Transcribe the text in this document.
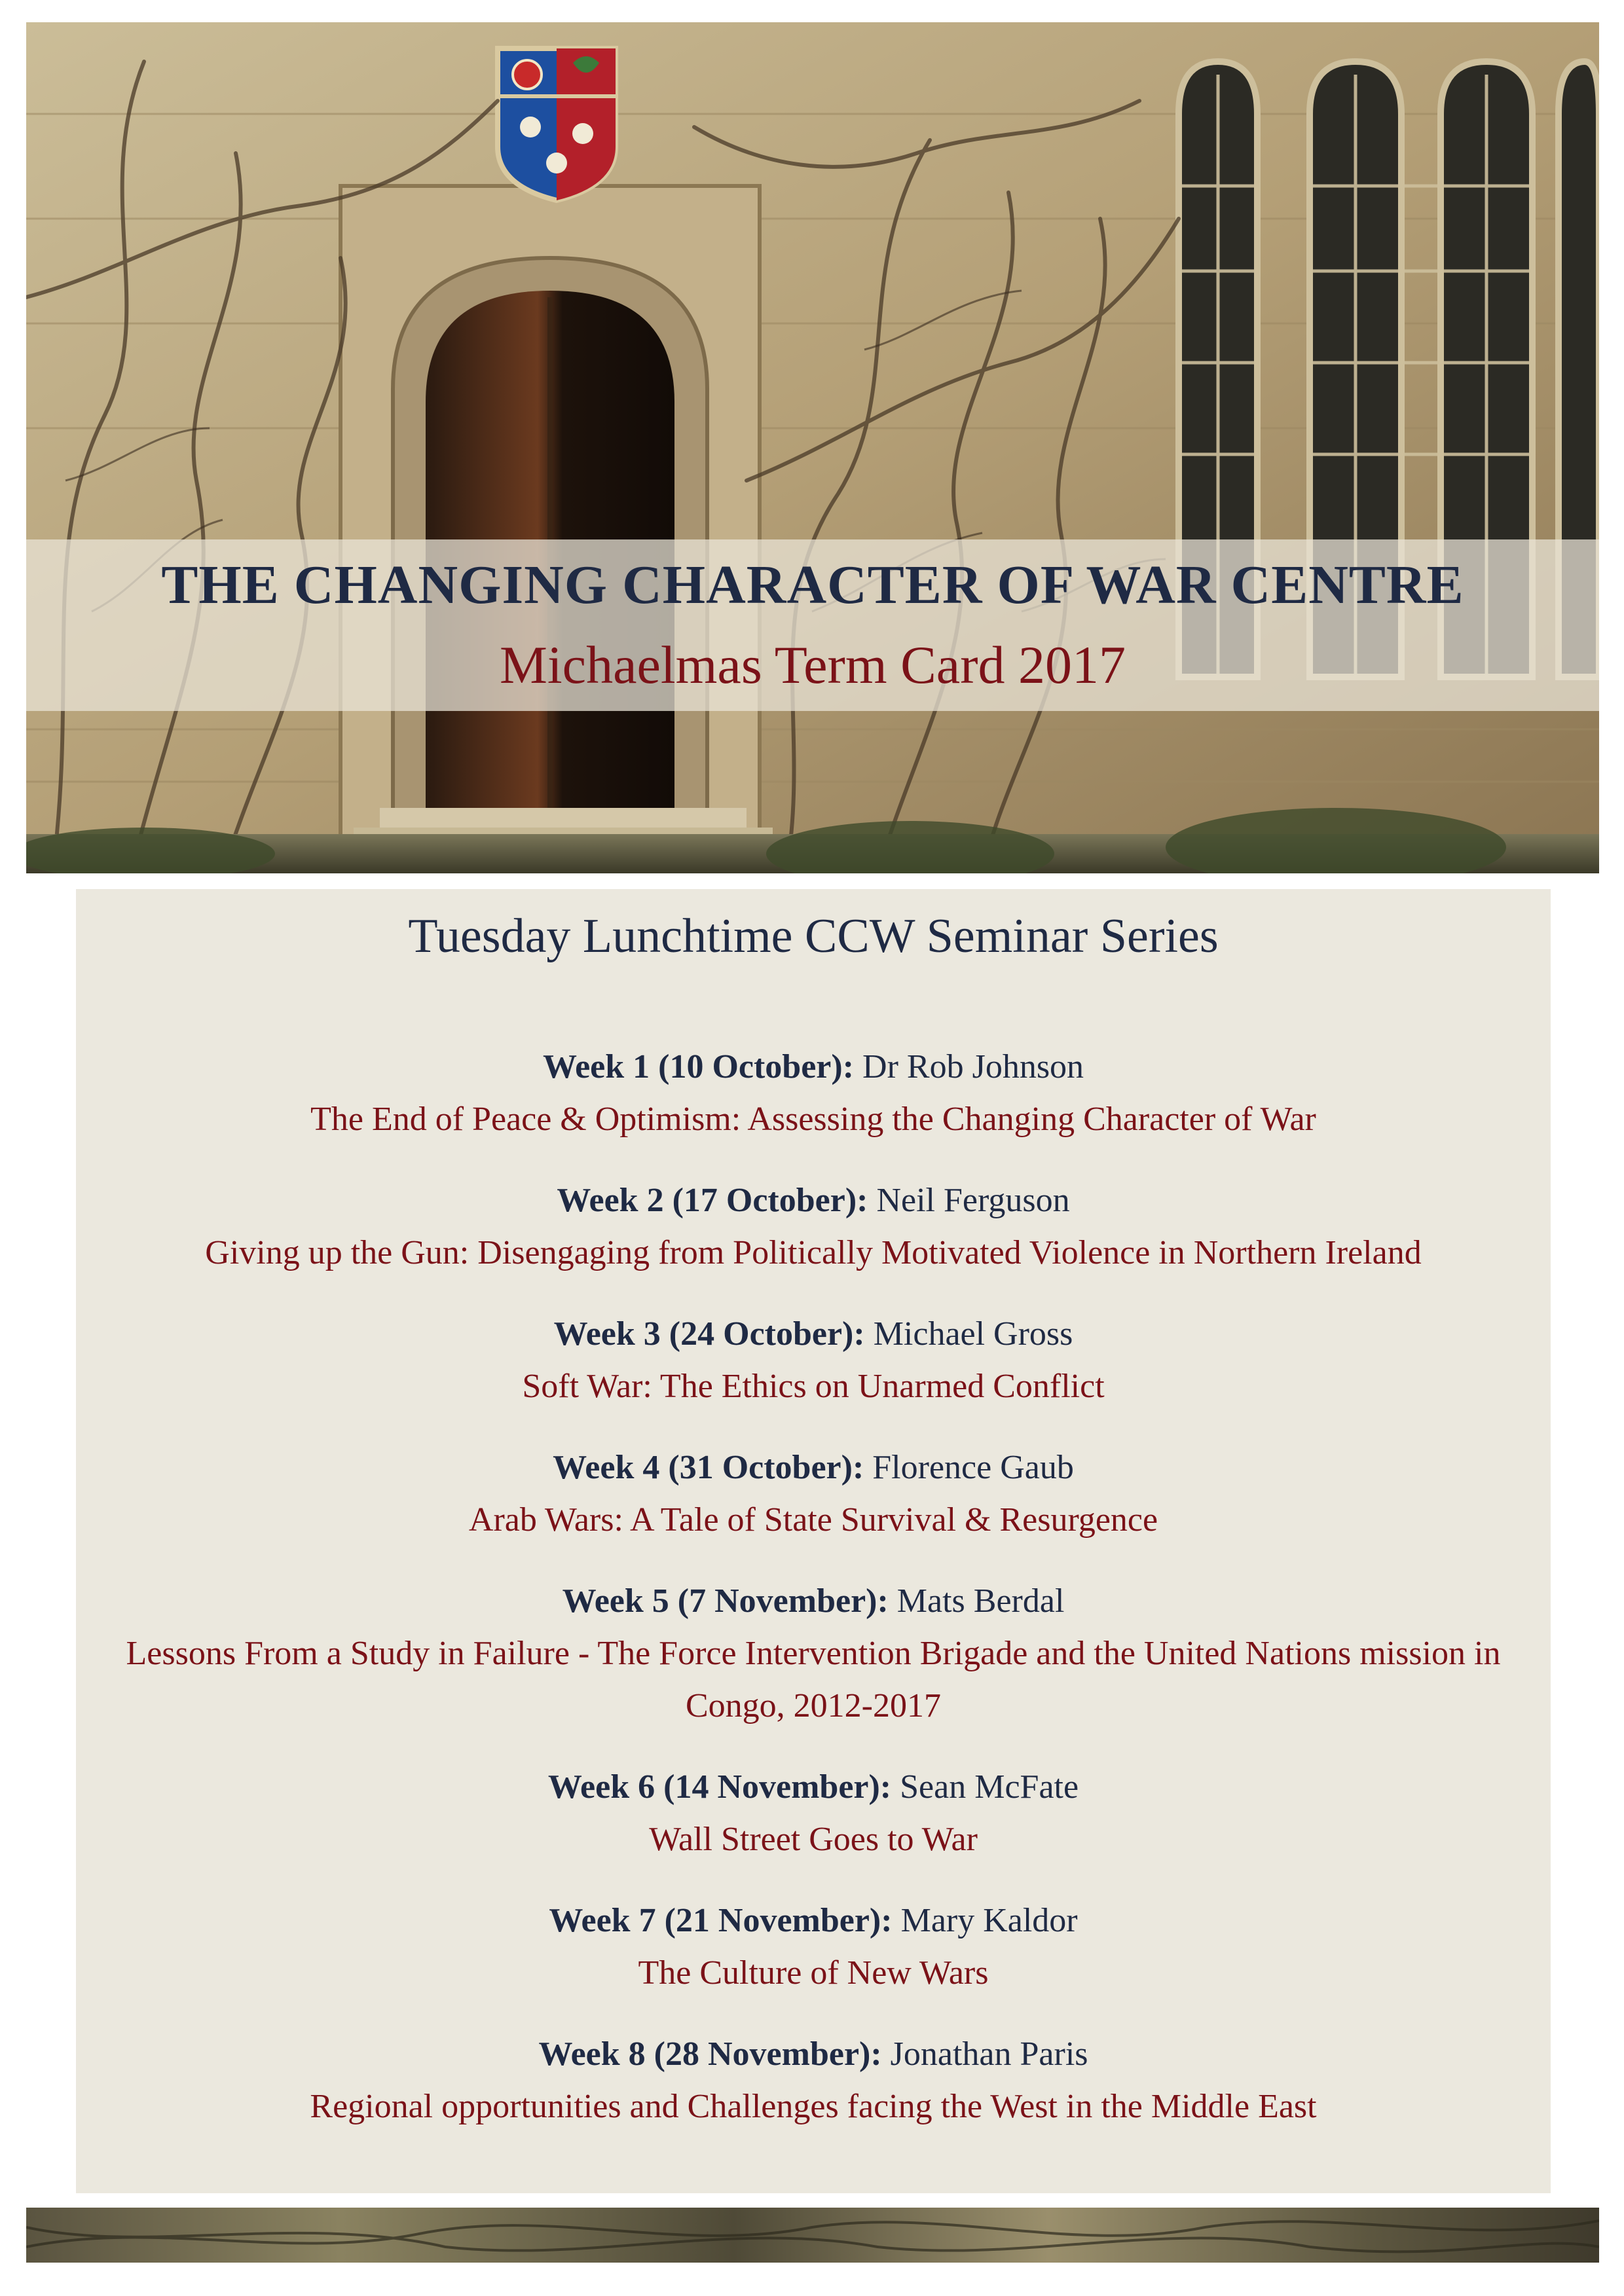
THE CHANGING CHARACTER OF WAR CENTRE
Michaelmas Term Card 2017
Tuesday Lunchtime CCW Seminar Series
Week 1 (10 October): Dr Rob Johnson
The End of Peace & Optimism: Assessing the Changing Character of War
Week 2 (17 October): Neil Ferguson
Giving up the Gun: Disengaging from Politically Motivated Violence in Northern Ireland
Week 3 (24 October): Michael Gross
Soft War: The Ethics on Unarmed Conflict
Week 4 (31 October): Florence Gaub
Arab Wars: A Tale of State Survival & Resurgence
Week 5 (7 November): Mats Berdal
Lessons From a Study in Failure - The Force Intervention Brigade and the United Nations mission in Congo, 2012-2017
Week 6 (14 November): Sean McFate
Wall Street Goes to War
Week 7 (21 November): Mary Kaldor
The Culture of New Wars
Week 8 (28 November): Jonathan Paris
Regional opportunities and Challenges facing the West in the Middle East
